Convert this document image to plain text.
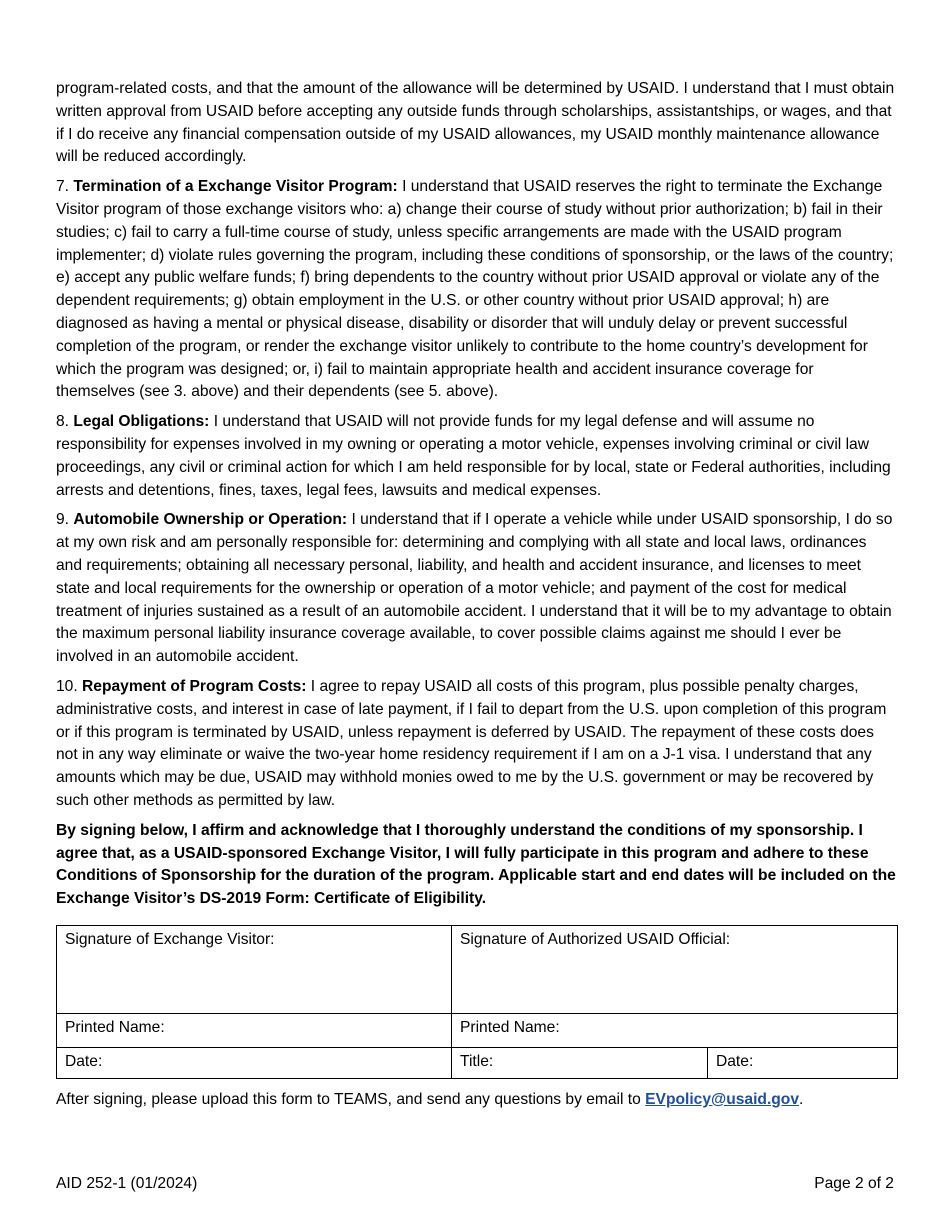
program-related costs, and that the amount of the allowance will be determined by USAID. I understand that I must obtain written approval from USAID before accepting any outside funds through scholarships, assistantships, or wages, and that if I do receive any financial compensation outside of my USAID allowances, my USAID monthly maintenance allowance will be reduced accordingly.

7. Termination of a Exchange Visitor Program: I understand that USAID reserves the right to terminate the Exchange Visitor program of those exchange visitors who: a) change their course of study without prior authorization; b) fail in their studies; c) fail to carry a full-time course of study, unless specific arrangements are made with the USAID program implementer; d) violate rules governing the program, including these conditions of sponsorship, or the laws of the country; e) accept any public welfare funds; f) bring dependents to the country without prior USAID approval or violate any of the dependent requirements; g) obtain employment in the U.S. or other country without prior USAID approval; h) are diagnosed as having a mental or physical disease, disability or disorder that will unduly delay or prevent successful completion of the program, or render the exchange visitor unlikely to contribute to the home country’s development for which the program was designed; or, i) fail to maintain appropriate health and accident insurance coverage for themselves (see 3. above) and their dependents (see 5. above).

8. Legal Obligations: I understand that USAID will not provide funds for my legal defense and will assume no responsibility for expenses involved in my owning or operating a motor vehicle, expenses involving criminal or civil law proceedings, any civil or criminal action for which I am held responsible for by local, state or Federal authorities, including arrests and detentions, fines, taxes, legal fees, lawsuits and medical expenses.

9. Automobile Ownership or Operation: I understand that if I operate a vehicle while under USAID sponsorship, I do so at my own risk and am personally responsible for: determining and complying with all state and local laws, ordinances and requirements; obtaining all necessary personal, liability, and health and accident insurance, and licenses to meet state and local requirements for the ownership or operation of a motor vehicle; and payment of the cost for medical treatment of injuries sustained as a result of an automobile accident. I understand that it will be to my advantage to obtain the maximum personal liability insurance coverage available, to cover possible claims against me should I ever be involved in an automobile accident.

10. Repayment of Program Costs: I agree to repay USAID all costs of this program, plus possible penalty charges, administrative costs, and interest in case of late payment, if I fail to depart from the U.S. upon completion of this program or if this program is terminated by USAID, unless repayment is deferred by USAID. The repayment of these costs does not in any way eliminate or waive the two-year home residency requirement if I am on a J-1 visa. I understand that any amounts which may be due, USAID may withhold monies owed to me by the U.S. government or may be recovered by such other methods as permitted by law.

By signing below, I affirm and acknowledge that I thoroughly understand the conditions of my sponsorship. I agree that, as a USAID-sponsored Exchange Visitor, I will fully participate in this program and adhere to these Conditions of Sponsorship for the duration of the program. Applicable start and end dates will be included on the Exchange Visitor’s DS-2019 Form: Certificate of Eligibility.

Signature of Exchange Visitor:	Signature of Authorized USAID Official:	
Printed Name:	Printed Name:	
Date:	Title:	Date:

After signing, please upload this form to TEAMS, and send any questions by email to EVpolicy@usaid.gov.

AID 252-1 (01/2024)	Page 2 of 2
